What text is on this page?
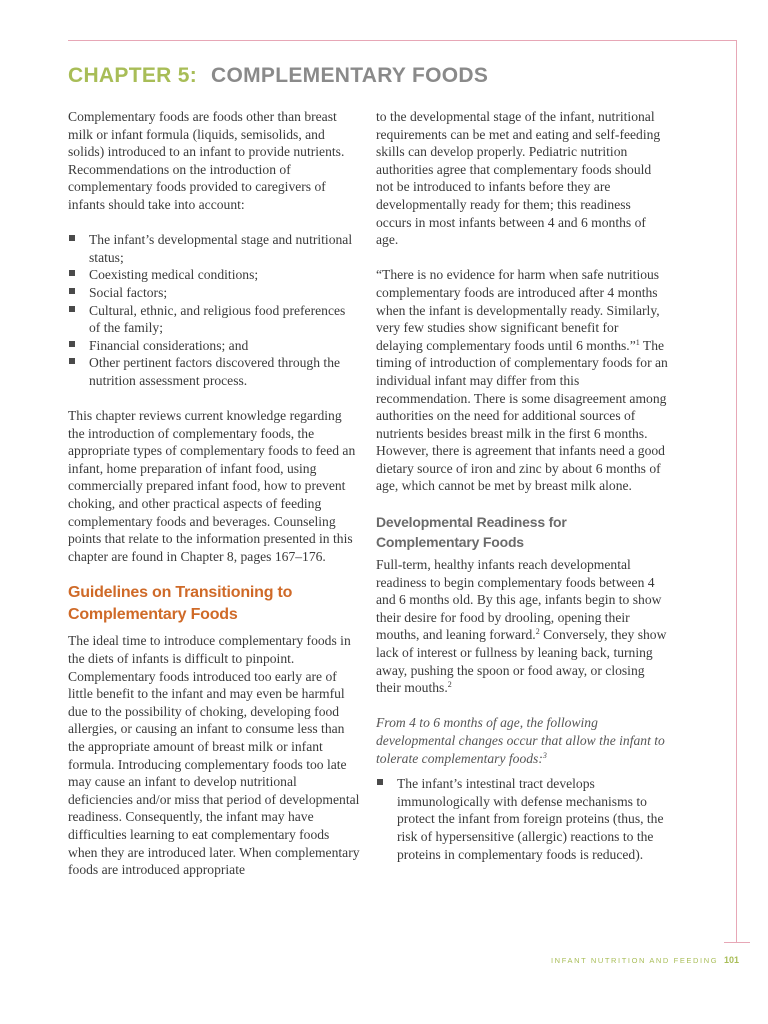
CHAPTER 5: COMPLEMENTARY FOODS

Complementary foods are foods other than breast milk or infant formula (liquids, semisolids, and solids) introduced to an infant to provide nutrients. Recommendations on the introduction of complementary foods provided to caregivers of infants should take into account:

The infant’s developmental stage and nutritional status;
Coexisting medical conditions;
Social factors;
Cultural, ethnic, and religious food preferences of the family;
Financial considerations; and
Other pertinent factors discovered through the nutrition assessment process.

This chapter reviews current knowledge regarding the introduction of complementary foods, the appropriate types of complementary foods to feed an infant, home preparation of infant food, using commercially prepared infant food, how to prevent choking, and other practical aspects of feeding complementary foods and beverages. Counseling points that relate to the information presented in this chapter are found in Chapter 8, pages 167–176.

Guidelines on Transitioning to Complementary Foods

The ideal time to introduce complementary foods in the diets of infants is difficult to pinpoint. Complementary foods introduced too early are of little benefit to the infant and may even be harmful due to the possibility of choking, developing food allergies, or causing an infant to consume less than the appropriate amount of breast milk or infant formula. Introducing complementary foods too late may cause an infant to develop nutritional deficiencies and/or miss that period of developmental readiness. Consequently, the infant may have difficulties learning to eat complementary foods when they are introduced later. When complementary foods are introduced appropriate

to the developmental stage of the infant, nutritional requirements can be met and eating and self-feeding skills can develop properly. Pediatric nutrition authorities agree that complementary foods should not be introduced to infants before they are developmentally ready for them; this readiness occurs in most infants between 4 and 6 months of age.

“There is no evidence for harm when safe nutritious complementary foods are introduced after 4 months when the infant is developmentally ready. Similarly, very few studies show significant benefit for delaying complementary foods until 6 months.”$^1$ The timing of introduction of complementary foods for an individual infant may differ from this recommendation. There is some disagreement among authorities on the need for additional sources of nutrients besides breast milk in the first 6 months. However, there is agreement that infants need a good dietary source of iron and zinc by about 6 months of age, which cannot be met by breast milk alone.

Developmental Readiness for Complementary Foods

Full-term, healthy infants reach developmental readiness to begin complementary foods between 4 and 6 months old. By this age, infants begin to show their desire for food by drooling, opening their mouths, and leaning forward.$^2$ Conversely, they show lack of interest or fullness by leaning back, turning away, pushing the spoon or food away, or closing their mouths.$^2$

From 4 to 6 months of age, the following developmental changes occur that allow the infant to tolerate complementary foods:$^3$

The infant’s intestinal tract develops immunologically with defense mechanisms to protect the infant from foreign proteins (thus, the risk of hypersensitive (allergic) reactions to the proteins in complementary foods is reduced).
INFANT NUTRITION AND FEEDING 101
